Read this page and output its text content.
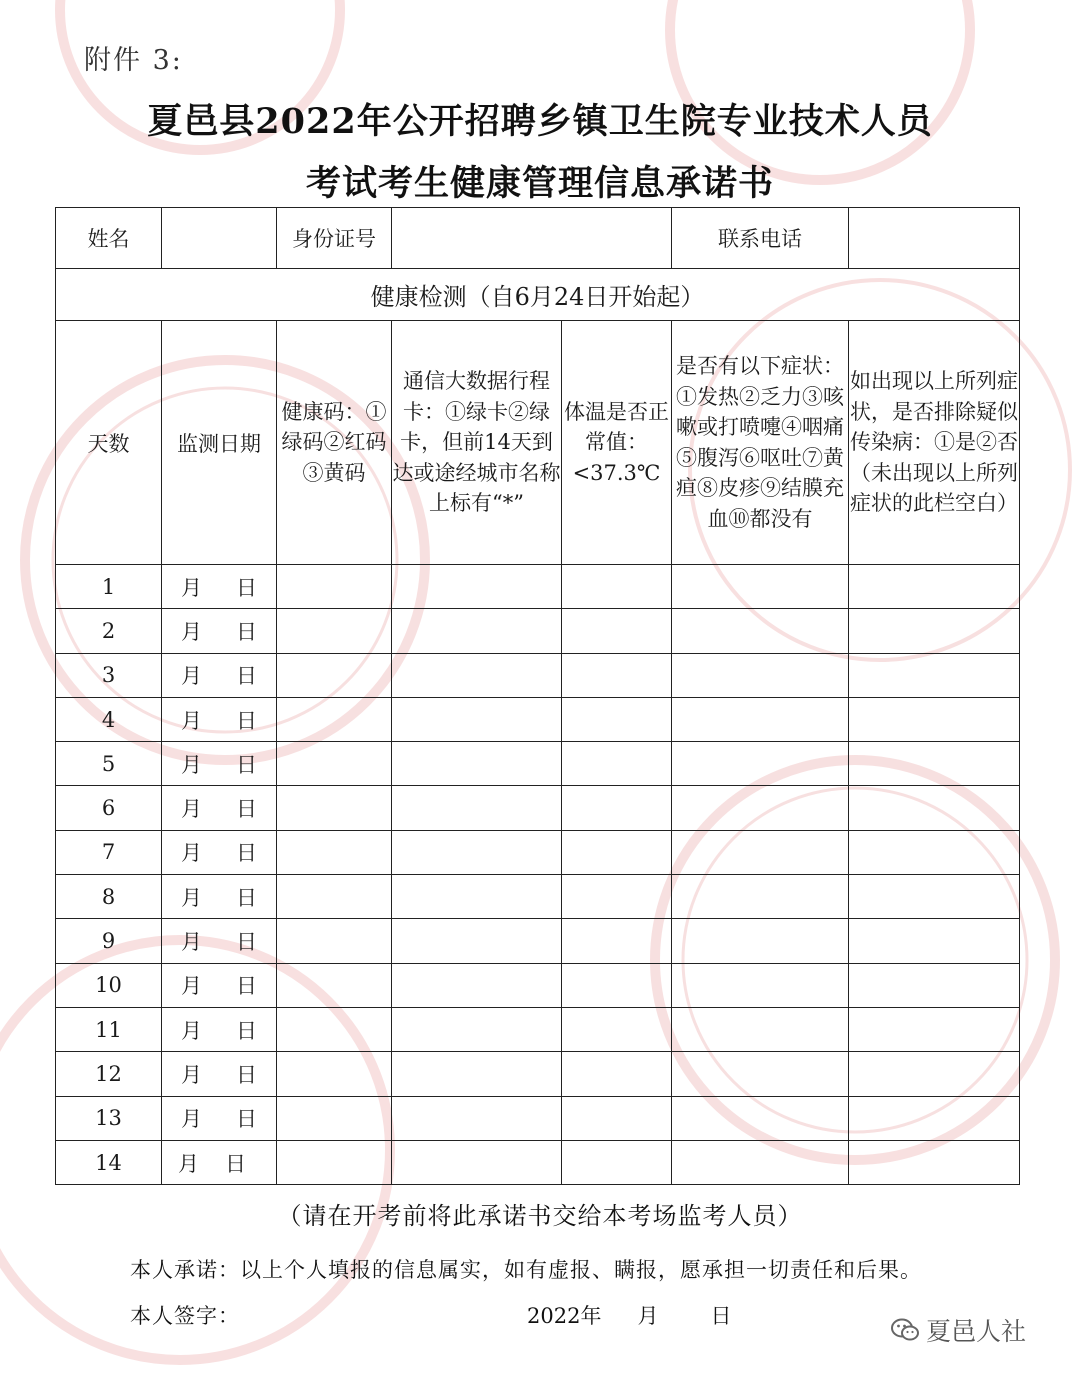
附件 3:
夏邑县2022年公开招聘乡镇卫生院专业技术人员
考试考生健康管理信息承诺书
姓名		身份证号			联系电话	
健康检测（自6月24日开始起）						
天数	监测日期	健康码：①绿码②红码③黄码	通信大数据行程卡：①绿卡②绿卡，但前14天到达或途经城市名称上标有“*”	体温是否正常值：<37.3℃	是否有以下症状：①发热②乏力③咳嗽或打喷嚏④咽痛⑤腹泻⑥呕吐⑦黄疸⑧皮疹⑨结膜充血⑩都没有	如出现以上所列症状，是否排除疑似传染病：①是②否（未出现以上所列症状的此栏空白）
1	月 日					

2	月 日					

3	月 日					

4	月 日					

5	月 日					

6	月 日					

7	月 日					

8	月 日					

9	月 日					

10	月 日					

11	月 日					

12	月 日					

13	月 日					

14	月 日					

（请在开考前将此承诺书交给本考场监考人员）
本人承诺：以上个人填报的信息属实，如有虚报、瞒报，愿承担一切责任和后果。
本人签字：	2022年 月 日
夏邑人社
